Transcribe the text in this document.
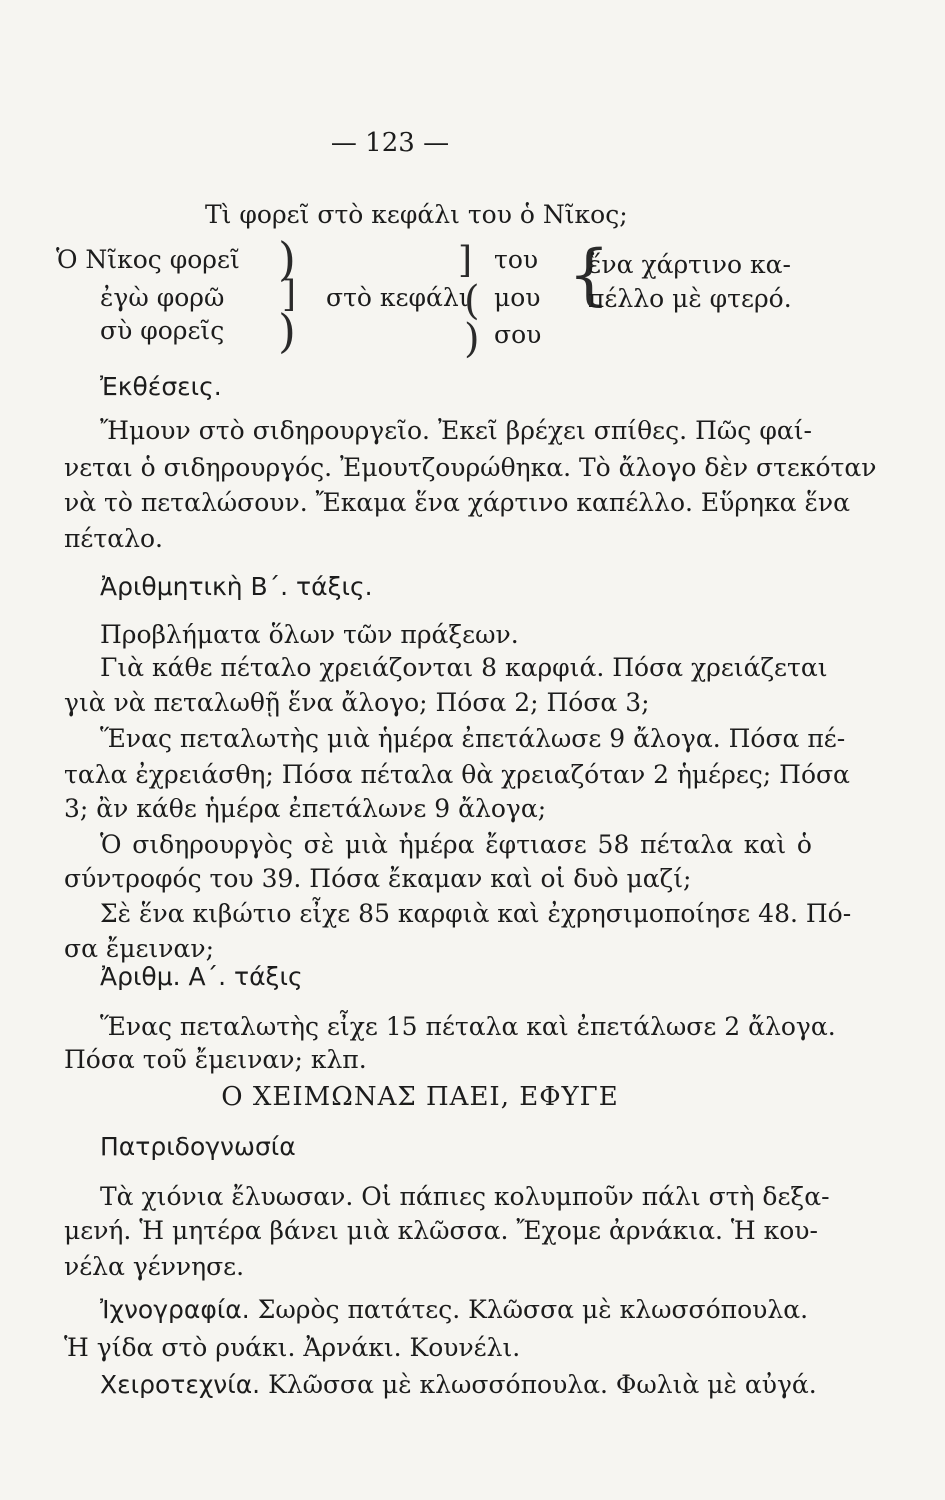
— 123 —
Τὶ φορεῖ στὸ κεφάλι του ὁ Νῖκος;
Ὁ Νῖκος φορεῖ
ἐγὼ φορῶ
σὺ φορεῖς
)
)
] στὸ κεφάλι
]
(
)
του
μου
σου
{
ἕνα χάρτινο κα-
πέλλο μὲ φτερό.
Ἐκθέσεις.
Ἤμουν στὸ σιδηρουργεῖο. Ἐκεῖ βρέχει σπίθες. Πῶς φαί-
νεται ὁ σιδηρουργός. Ἐμουτζουρώθηκα. Τὸ ἄλογο δὲν στεκόταν
νὰ τὸ πεταλώσουν. Ἔκαμα ἕνα χάρτινο καπέλλο. Εὕρηκα ἕνα
πέταλο.
Ἀριθμητικὴ Β΄. τάξις.
Προβλήματα ὅλων τῶν πράξεων.
Γιὰ κάθε πέταλο χρειάζονται 8 καρφιά. Πόσα χρειάζεται
γιὰ νὰ πεταλωθῇ ἕνα ἄλογο; Πόσα 2; Πόσα 3;
Ἕνας πεταλωτὴς μιὰ ἡμέρα ἐπετάλωσε 9 ἄλογα. Πόσα πέ-
ταλα ἐχρειάσθη; Πόσα πέταλα θὰ χρειαζόταν 2 ἡμέρες; Πόσα
3; ἂν κάθε ἡμέρα ἐπετάλωνε 9 ἄλογα;
Ὁ σιδηρουργὸς σὲ μιὰ ἡμέρα ἔφτιασε 58 πέταλα καὶ ὁ
σύντροφός του 39. Πόσα ἔκαμαν καὶ οἱ δυὸ μαζί;
Σὲ ἕνα κιβώτιο εἶχε 85 καρφιὰ καὶ ἐχρησιμοποίησε 48. Πό-
σα ἔμειναν;
Ἀριθμ. Α΄. τάξις
Ἕνας πεταλωτὴς εἶχε 15 πέταλα καὶ ἐπετάλωσε 2 ἄλογα.
Πόσα τοῦ ἔμειναν; κλπ.
Ο ΧΕΙΜΩΝΑΣ ΠΑΕΙ, ΕΦΥΓΕ
Πατριδογνωσία
Τὰ χιόνια ἔλυωσαν. Οἱ πάπιες κολυμποῦν πάλι στὴ δεξα-
μενή. Ἡ μητέρα βάνει μιὰ κλῶσσα. Ἔχομε ἀρνάκια. Ἡ κου-
νέλα γέννησε.
Ἰχνογραφία. Σωρὸς πατάτες. Κλῶσσα μὲ κλωσσόπουλα.
Ἡ γίδα στὸ ρυάκι. Ἀρνάκι. Κουνέλι.
Χειροτεχνία. Κλῶσσα μὲ κλωσσόπουλα. Φωλιὰ μὲ αὐγά.
